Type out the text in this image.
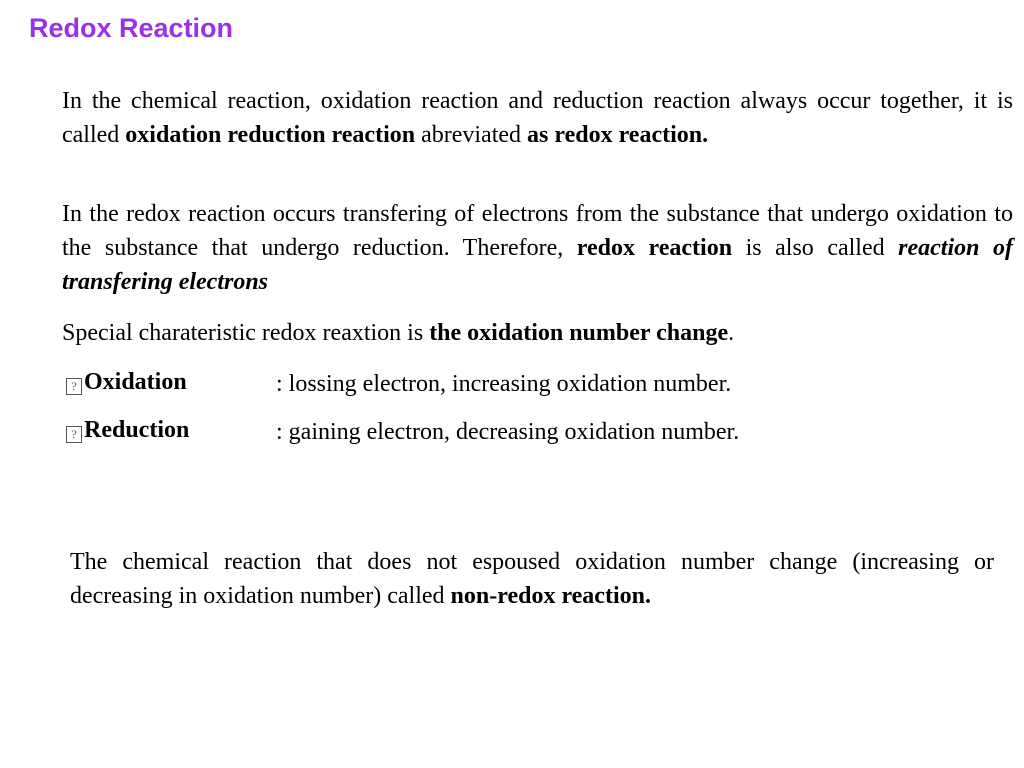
Redox Reaction

In the chemical reaction, oxidation reaction and reduction reaction always occur together, it is called oxidation reduction reaction abreviated as redox reaction.

In the redox reaction occurs transfering of electrons from the substance that undergo oxidation to the substance that undergo reduction. Therefore, redox reaction is also called reaction of transfering electrons

Special charateristic redox reaxtion is the oxidation number change.

? Oxidation	: lossing electron, increasing oxidation number.
? Reduction	: gaining electron, decreasing oxidation number.

The chemical reaction that does not espoused oxidation number change (increasing or decreasing in oxidation number) called non-redox reaction.
